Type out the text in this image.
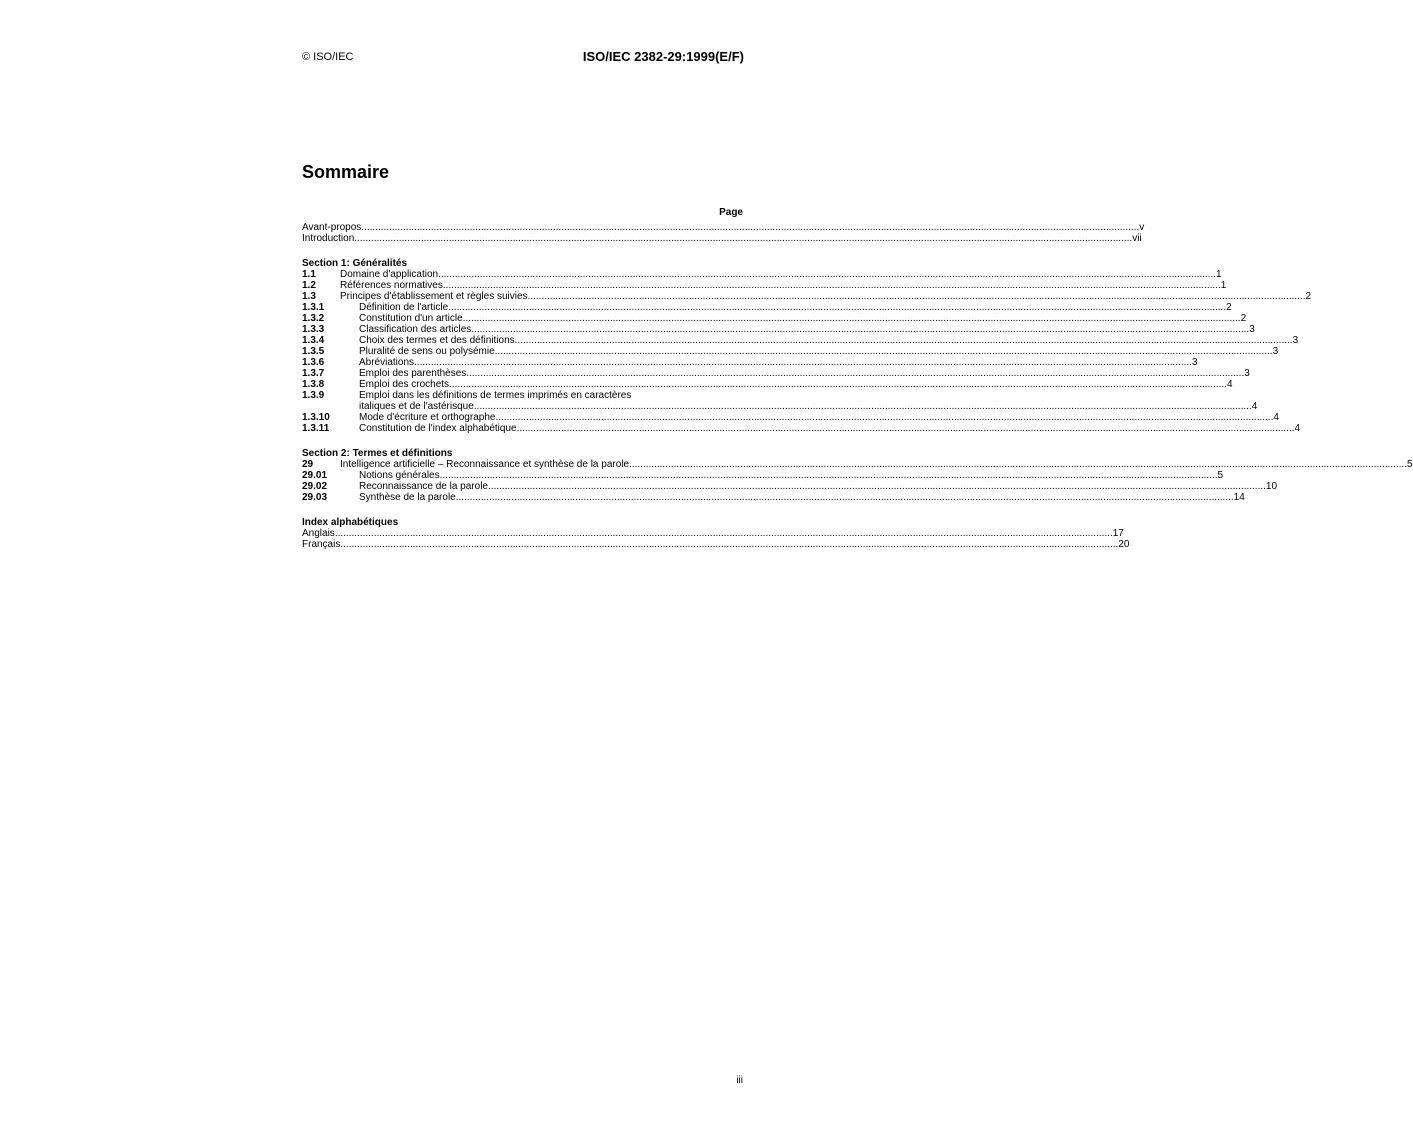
© ISO/IEC	ISO/IEC 2382-29:1999(E/F)
Sommaire
Page
Avant-propos .....	v
Introduction .....	vii
Section 1: Généralités
1.1	Domaine d'application .....	1
1.2	Références normatives .....	1
1.3	Principes d'établissement et règles suivies .....	2
1.3.1	Définition de l'article .....	2
1.3.2	Constitution d'un article .....	2
1.3.3	Classification des articles .....	3
1.3.4	Choix des termes et des définitions .....	3
1.3.5	Pluralité de sens ou polysémie .....	3
1.3.6	Abréviations .....	3
1.3.7	Emploi des parenthèses .....	3
1.3.8	Emploi des crochets .....	4
1.3.9	Emploi dans les définitions de termes imprimés en caractères
italiques et de l'astérisque .....	4
1.3.10	Mode d'écriture et orthographe .....	4
1.3.11	Constitution de l'index alphabétique .....	4
Section 2: Termes et définitions
29	Intelligence artificielle – Reconnaissance et synthèse de la parole .....	5
29.01	Notions générales .....	5
29.02	Reconnaissance de la parole .....	10
29.03	Synthèse de la parole .....	14
Index alphabétiques
Anglais .....	17
Français .....	20
iii
